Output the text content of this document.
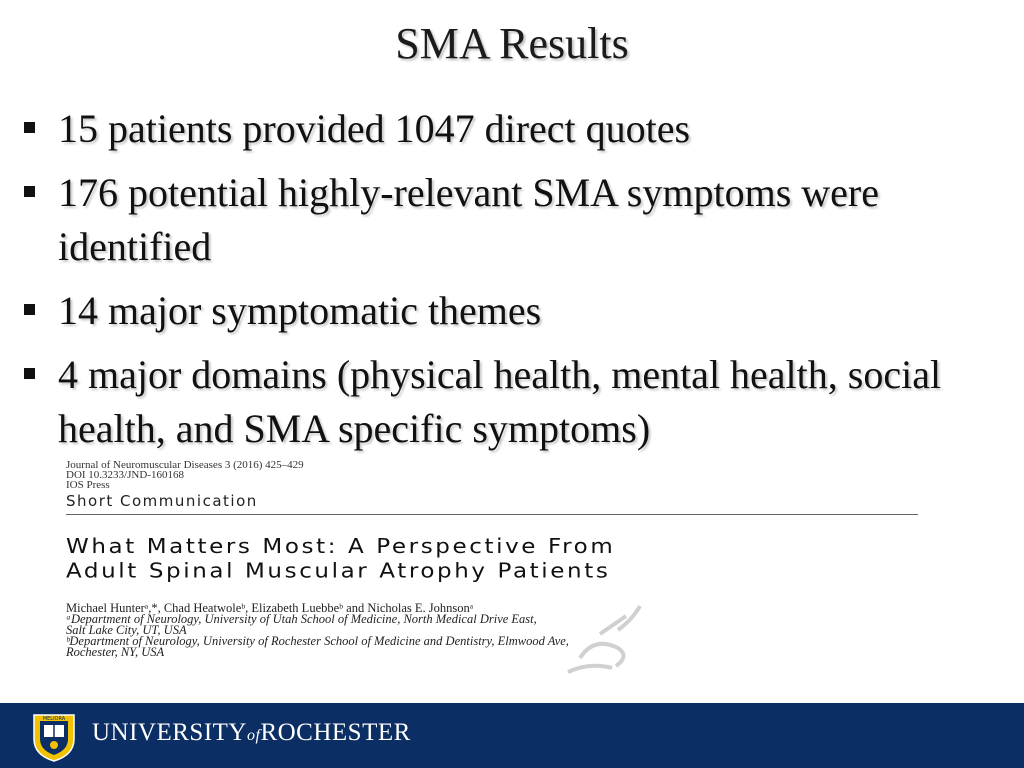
SMA Results
15 patients provided 1047 direct quotes
176 potential highly-relevant SMA symptoms were identified
14 major symptomatic themes
4 major domains (physical health, mental health, social health, and SMA specific symptoms)
Journal of Neuromuscular Diseases 3 (2016) 425–429
DOI 10.3233/JND-160168
IOS Press
Short Communication
What Matters Most: A Perspective From
Adult Spinal Muscular Atrophy Patients
Michael Hunterᵃ,*, Chad Heatwoleᵇ, Elizabeth Luebbeᵇ and Nicholas E. Johnsonᵃ
ᵃDepartment of Neurology, University of Utah School of Medicine, North Medical Drive East,
Salt Lake City, UT, USA
ᵇDepartment of Neurology, University of Rochester School of Medicine and Dentistry, Elmwood Ave,
Rochester, NY, USA
MELIORA UNIVERSITYofROCHESTER
